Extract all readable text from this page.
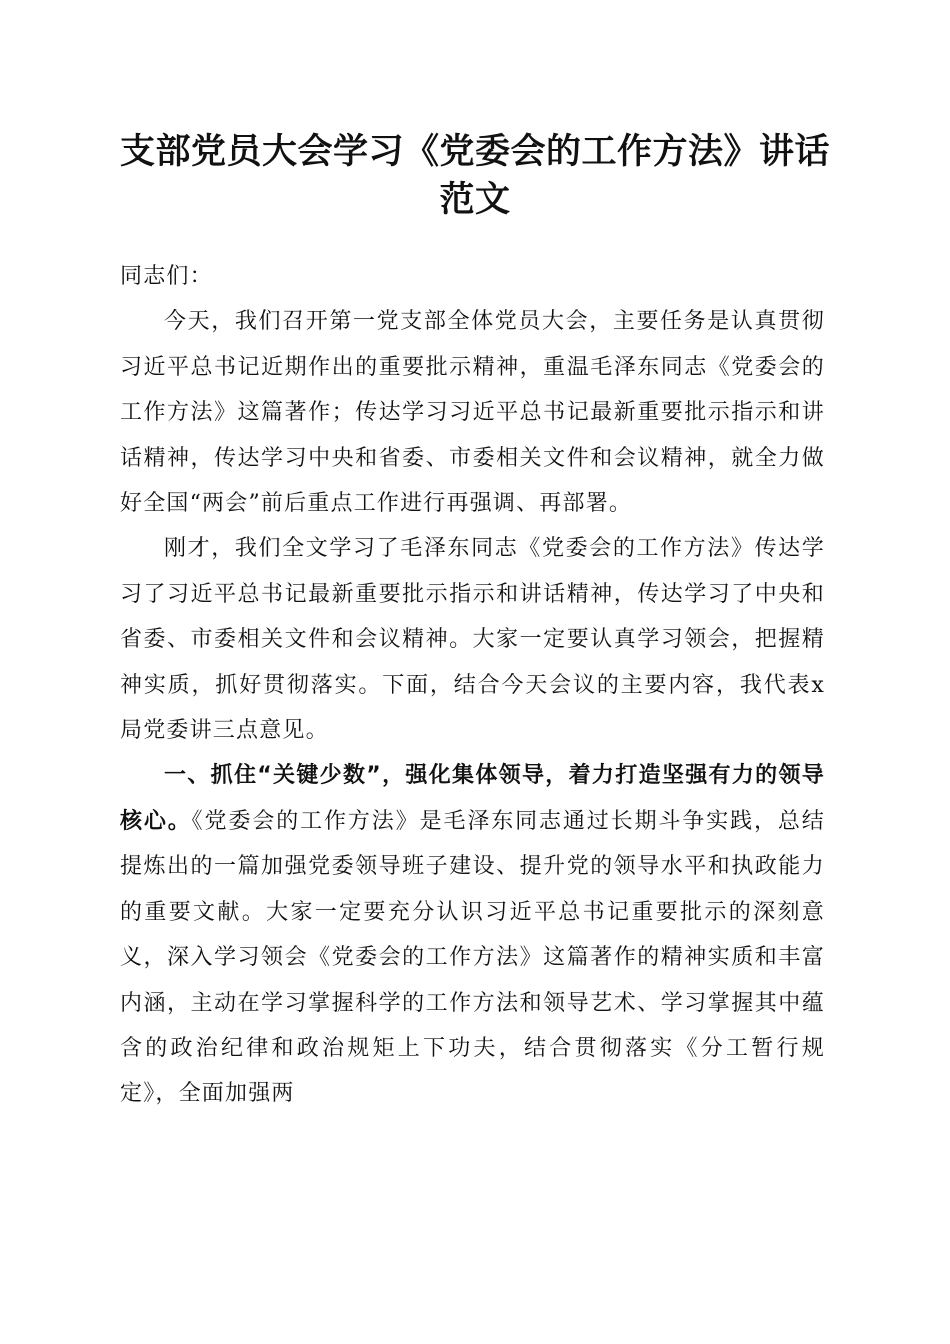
支部党员大会学习《党委会的工作方法》讲话范文

同志们：

今天，我们召开第一党支部全体党员大会，主要任务是认真贯彻习近平总书记近期作出的重要批示精神，重温毛泽东同志《党委会的工作方法》这篇著作；传达学习习近平总书记最新重要批示指示和讲话精神，传达学习中央和省委、市委相关文件和会议精神，就全力做好全国“两会”前后重点工作进行再强调、再部署。

刚才，我们全文学习了毛泽东同志《党委会的工作方法》传达学习了习近平总书记最新重要批示指示和讲话精神，传达学习了中央和省委、市委相关文件和会议精神。大家一定要认真学习领会，把握精神实质，抓好贯彻落实。下面，结合今天会议的主要内容，我代表x局党委讲三点意见。

一、抓住“关键少数”，强化集体领导，着力打造坚强有力的领导核心。《党委会的工作方法》是毛泽东同志通过长期斗争实践，总结提炼出的一篇加强党委领导班子建设、提升党的领导水平和执政能力的重要文献。大家一定要充分认识习近平总书记重要批示的深刻意义，深入学习领会《党委会的工作方法》这篇著作的精神实质和丰富内涵，主动在学习掌握科学的工作方法和领导艺术、学习掌握其中蕴含的政治纪律和政治规矩上下功夫，结合贯彻落实《分工暂行规定》，全面加强两
